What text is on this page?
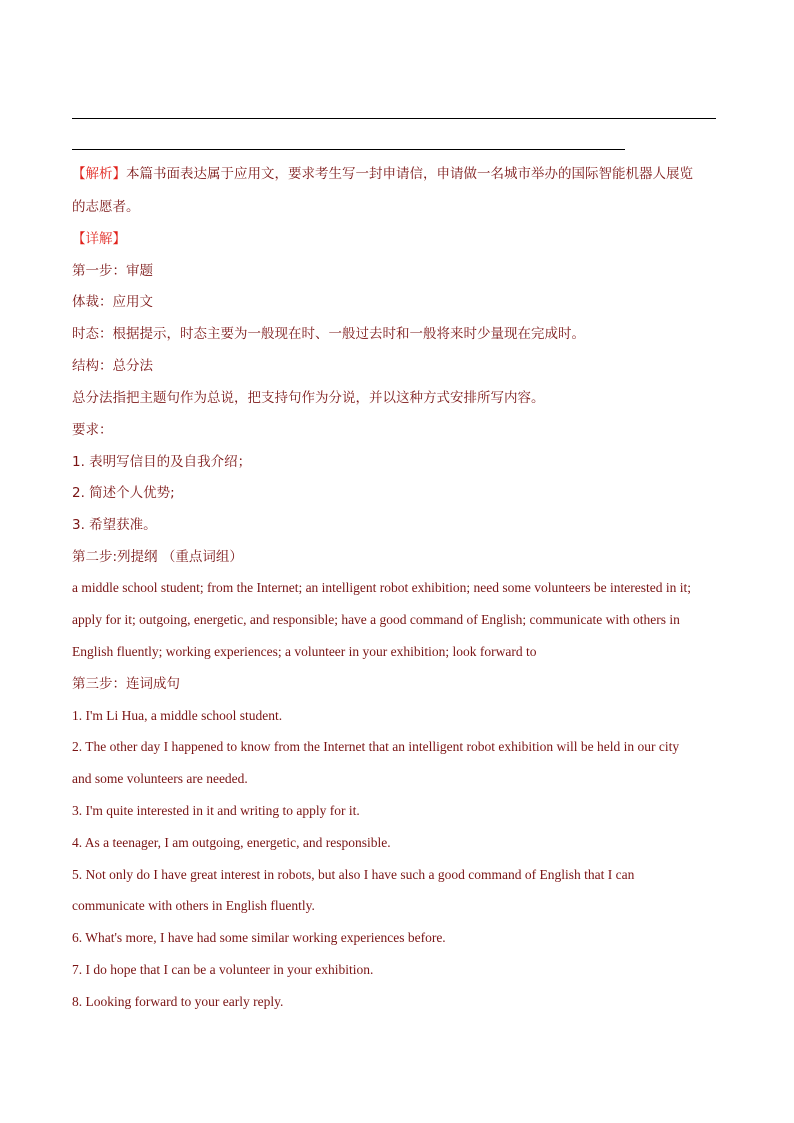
【解析】本篇书面表达属于应用文，要求考生写一封申请信，申请做一名城市举办的国际智能机器人展览
的志愿者。
【详解】
第一步：审题
体裁：应用文
时态：根据提示，时态主要为一般现在时、一般过去时和一般将来时少量现在完成时。
结构：总分法
总分法指把主题句作为总说，把支持句作为分说，并以这种方式安排所写内容。
要求：
1. 表明写信目的及自我介绍；
2. 简述个人优势;
3. 希望获准。
第二步:列提纲 （重点词组）
a middle school student; from the Internet; an intelligent robot exhibition; need some volunteers be interested in it;
apply for it; outgoing, energetic, and responsible; have a good command of English; communicate with others in
English fluently; working experiences; a volunteer in your exhibition; look forward to
第三步：连词成句
1. I'm Li Hua, a middle school student.
2. The other day I happened to know from the Internet that an intelligent robot exhibition will be held in our city
and some volunteers are needed.
3. I'm quite interested in it and writing to apply for it.
4. As a teenager, I am outgoing, energetic, and responsible.
5. Not only do I have great interest in robots, but also I have such a good command of English that I can
communicate with others in English fluently.
6. What's more, I have had some similar working experiences before.
7. I do hope that I can be a volunteer in your exhibition.
8. Looking forward to your early reply.
